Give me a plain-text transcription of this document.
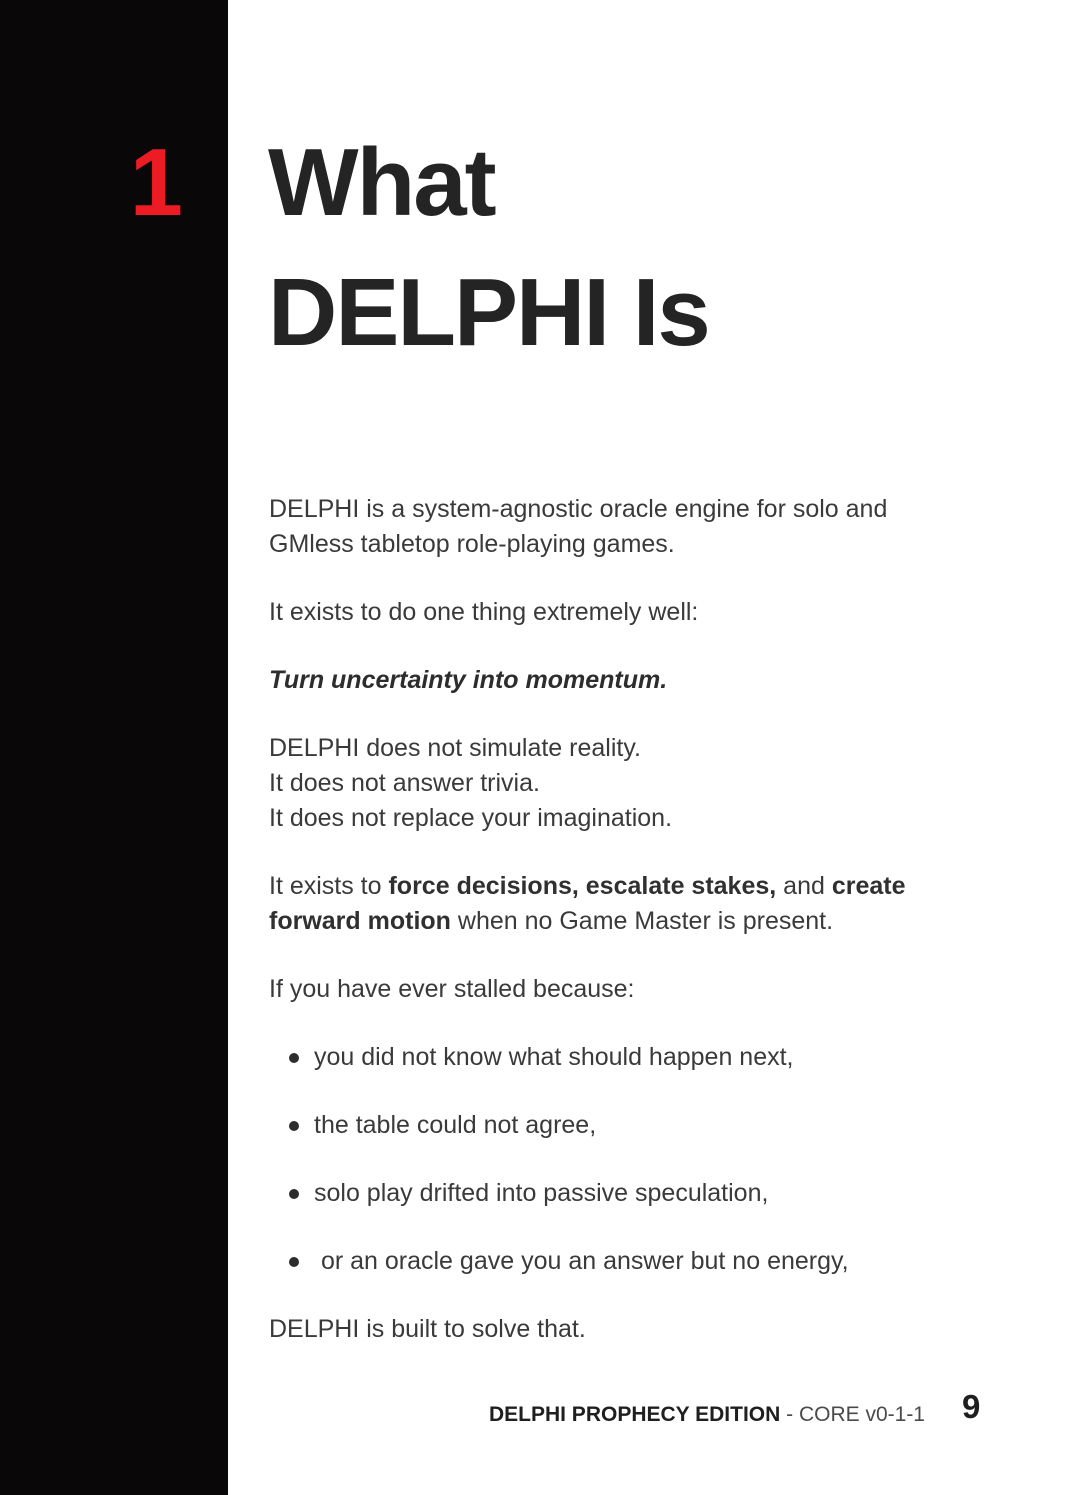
1 What
DELPHI Is

DELPHI is a system-agnostic oracle engine for solo and
GMless tabletop role-playing games.

It exists to do one thing extremely well:

Turn uncertainty into momentum.

DELPHI does not simulate reality.
It does not answer trivia.
It does not replace your imagination.

It exists to force decisions, escalate stakes, and create
forward motion when no Game Master is present.

If you have ever stalled because:

you did not know what should happen next,
the table could not agree,
solo play drifted into passive speculation,
or an oracle gave you an answer but no energy,

DELPHI is built to solve that.

DELPHI PROPHECY EDITION - CORE v0-1-1 9
